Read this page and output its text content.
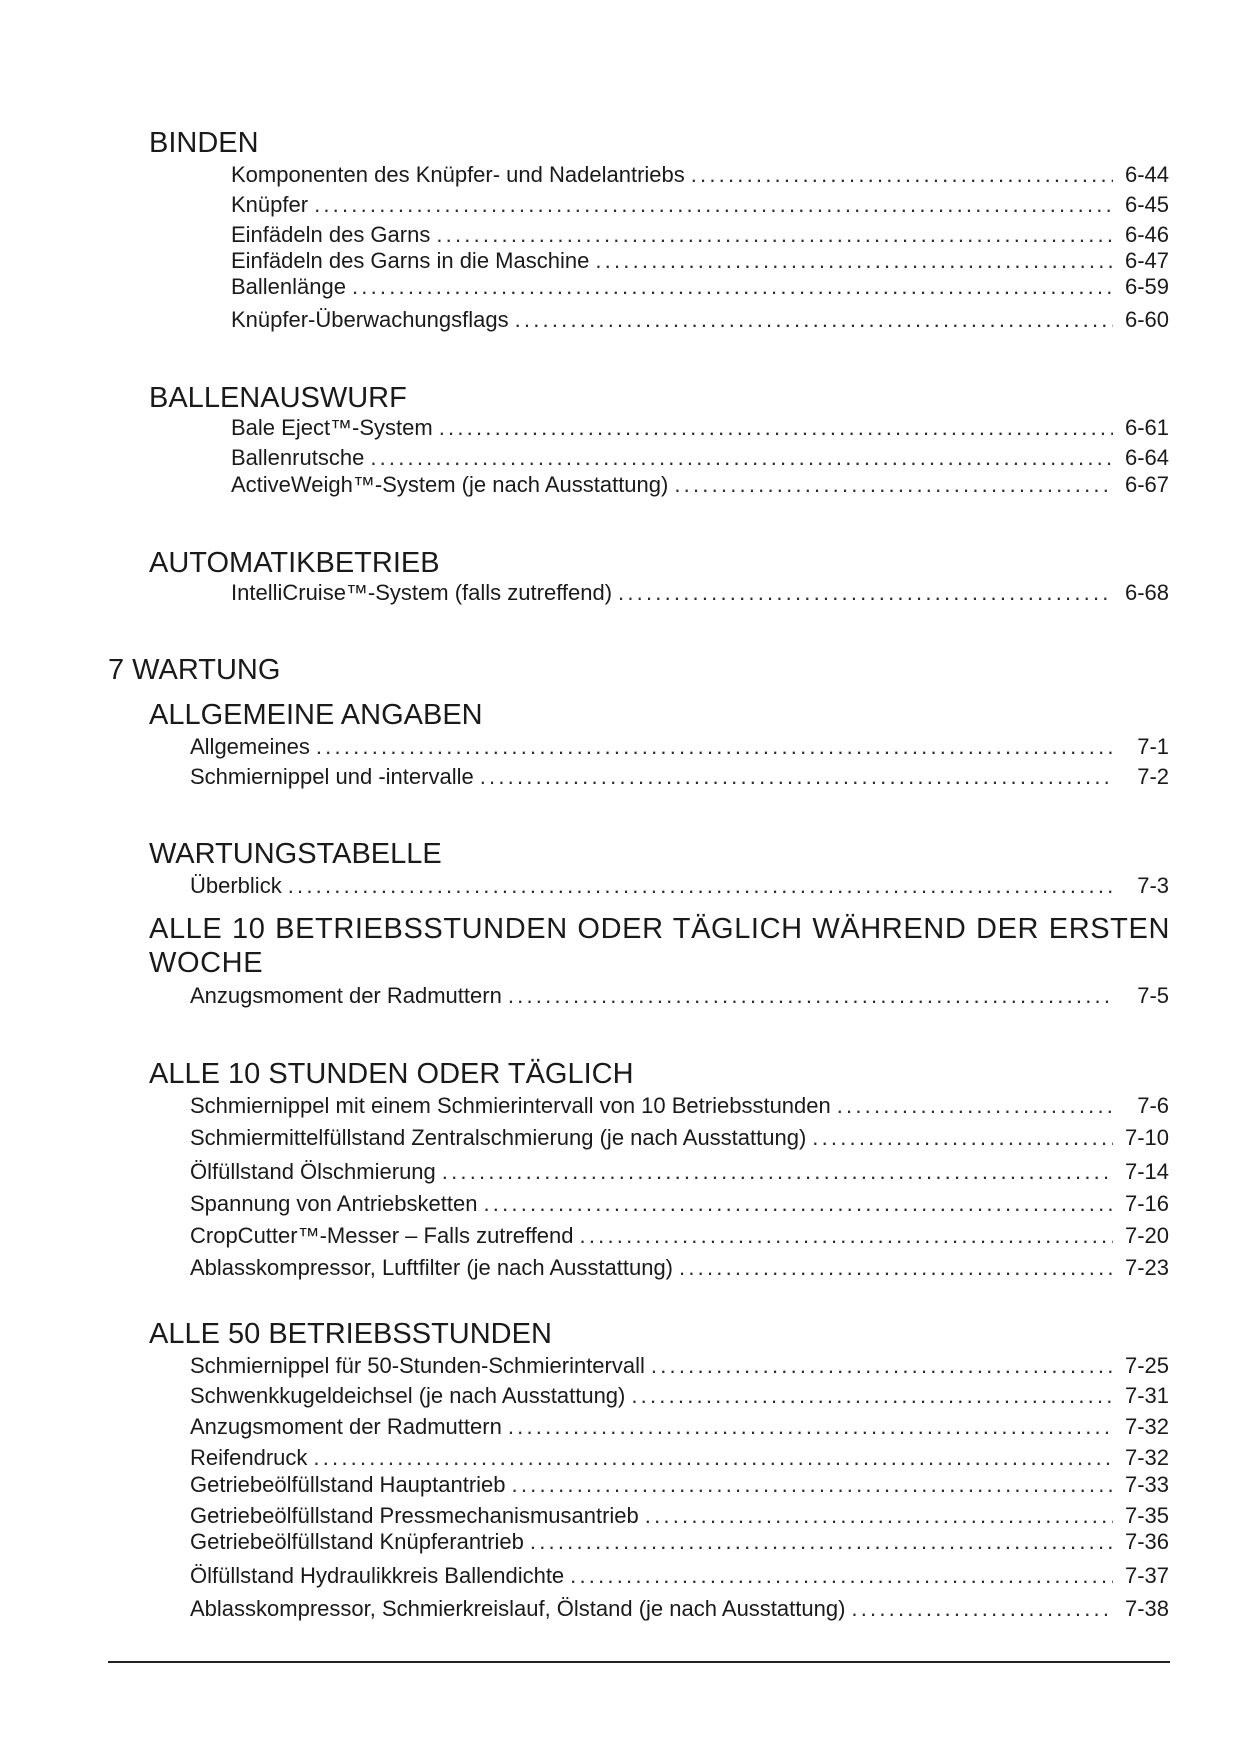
BINDEN
Komponenten des Knüpfer- und Nadelantriebs .....	6-44
Knüpfer .....	6-45
Einfädeln des Garns .....	6-46
Einfädeln des Garns in die Maschine .....	6-47
Ballenlänge .....	6-59
Knüpfer-Überwachungsflags .....	6-60
BALLENAUSWURF
Bale Eject™-System .....	6-61
Ballenrutsche .....	6-64
ActiveWeigh™-System (je nach Ausstattung) .....	6-67
AUTOMATIKBETRIEB
IntelliCruise™-System (falls zutreffend) .....	6-68
7 WARTUNG
ALLGEMEINE ANGABEN
Allgemeines .....	7-1
Schmiernippel und -intervalle .....	7-2
WARTUNGSTABELLE
Überblick .....	7-3
ALLE 10 BETRIEBSSTUNDEN ODER TÄGLICH WÄHREND DER ERSTEN WOCHE
Anzugsmoment der Radmuttern .....	7-5
ALLE 10 STUNDEN ODER TÄGLICH
Schmiernippel mit einem Schmierintervall von 10 Betriebsstunden .....	7-6
Schmiermittelfüllstand Zentralschmierung (je nach Ausstattung) .....	7-10
Ölfüllstand Ölschmierung .....	7-14
Spannung von Antriebsketten .....	7-16
CropCutter™-Messer – Falls zutreffend .....	7-20
Ablasskompressor, Luftfilter (je nach Ausstattung) .....	7-23
ALLE 50 BETRIEBSSTUNDEN
Schmiernippel für 50-Stunden-Schmierintervall .....	7-25
Schwenkkugeldeichsel (je nach Ausstattung) .....	7-31
Anzugsmoment der Radmuttern .....	7-32
Reifendruck .....	7-32
Getriebeölfüllstand Hauptantrieb .....	7-33
Getriebeölfüllstand Pressmechanismusantrieb .....	7-35
Getriebeölfüllstand Knüpferantrieb .....	7-36
Ölfüllstand Hydraulikkreis Ballendichte .....	7-37
Ablasskompressor, Schmierkreislauf, Ölstand (je nach Ausstattung) .....	7-38
